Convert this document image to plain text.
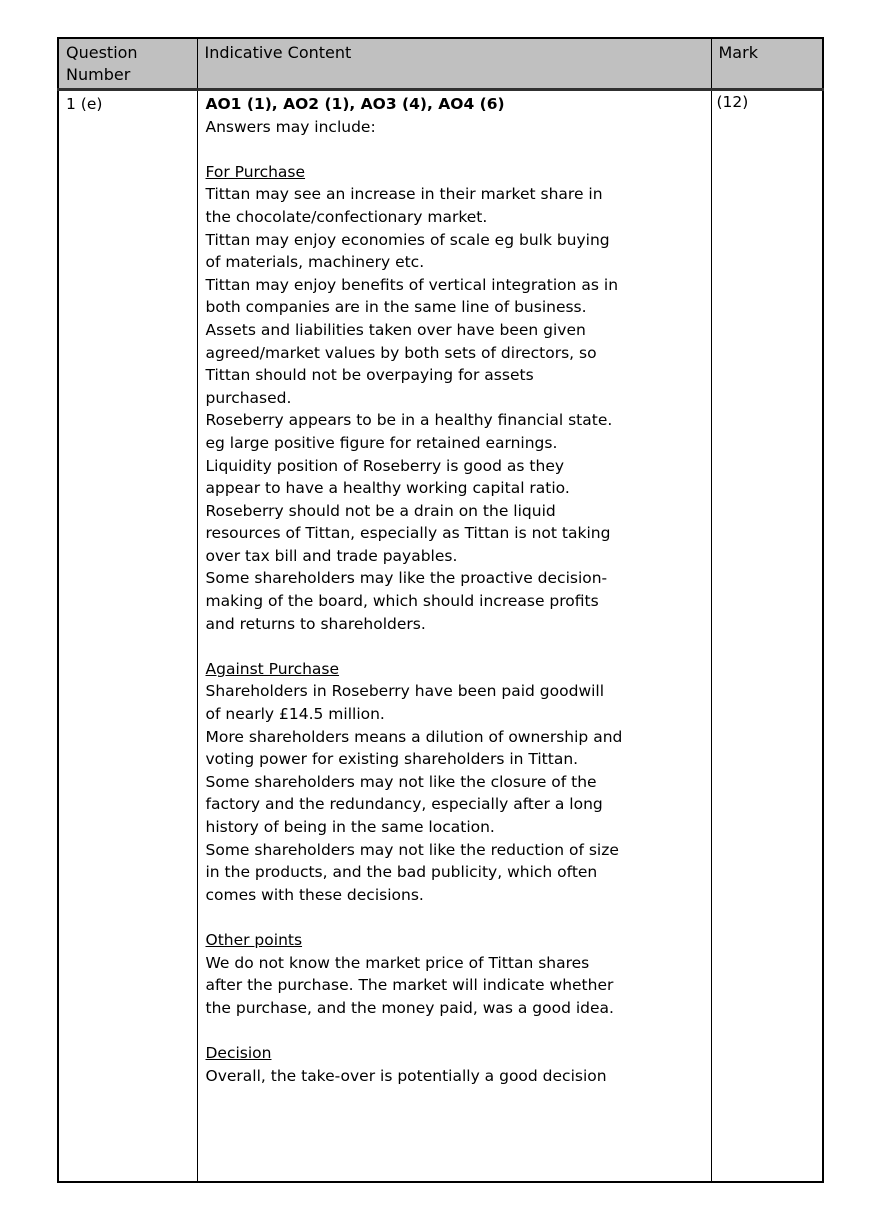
Question Number	Indicative Content	Mark
1 (e)	AO1 (1), AO2 (1), AO3 (4), AO4 (6)
Answers may include:
For Purchase
Tittan may see an increase in their market share in
the chocolate/confectionary market.
Tittan may enjoy economies of scale eg bulk buying
of materials, machinery etc.
Tittan may enjoy benefits of vertical integration as in
both companies are in the same line of business.
Assets and liabilities taken over have been given
agreed/market values by both sets of directors, so
Tittan should not be overpaying for assets
purchased.
Roseberry appears to be in a healthy financial state.
eg large positive figure for retained earnings.
Liquidity position of Roseberry is good as they
appear to have a healthy working capital ratio.
Roseberry should not be a drain on the liquid
resources of Tittan, especially as Tittan is not taking
over tax bill and trade payables.
Some shareholders may like the proactive decision-
making of the board, which should increase profits
and returns to shareholders.
Against Purchase
Shareholders in Roseberry have been paid goodwill
of nearly £14.5 million.
More shareholders means a dilution of ownership and
voting power for existing shareholders in Tittan.
Some shareholders may not like the closure of the
factory and the redundancy, especially after a long
history of being in the same location.
Some shareholders may not like the reduction of size
in the products, and the bad publicity, which often
comes with these decisions.
Other points
We do not know the market price of Tittan shares
after the purchase. The market will indicate whether
the purchase, and the money paid, was a good idea.
Decision
Overall, the take-over is potentially a good decision
	(12)
